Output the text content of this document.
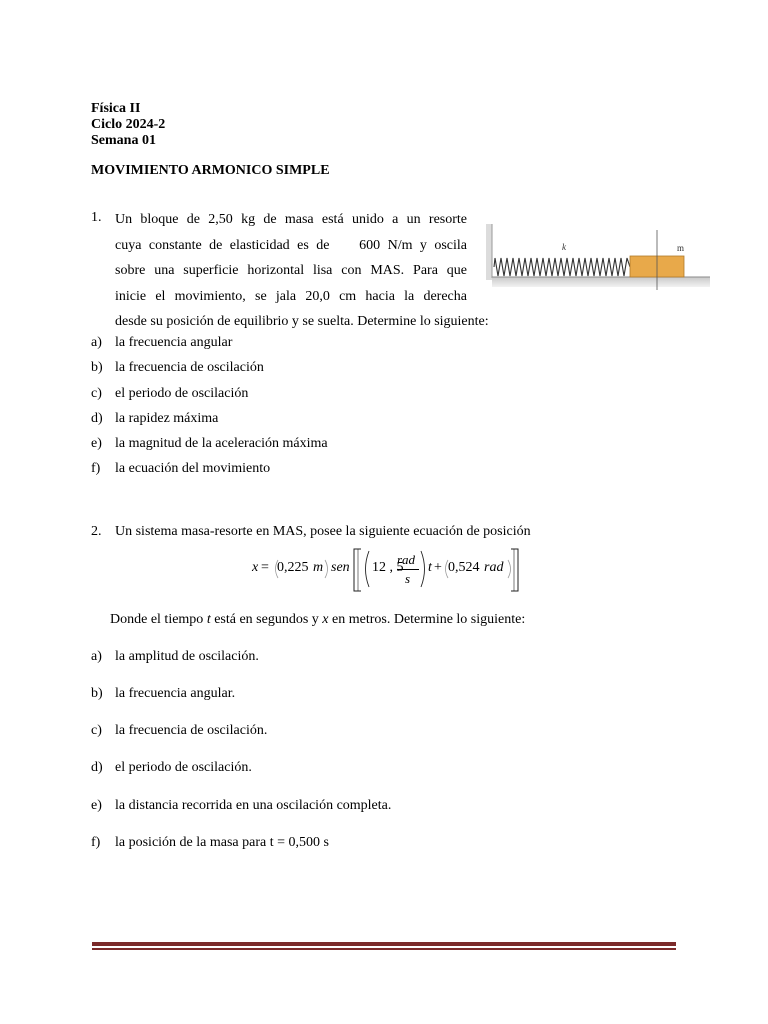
Física II
Ciclo 2024-2
Semana 01
MOVIMIENTO ARMONICO SIMPLE
1. Un bloque de 2,50 kg de masa está unido a un resorte
cuya constante de elasticidad es de    600 N/m y oscila
sobre una superficie horizontal lisa con MAS. Para que
inicie el movimiento, se jala 20,0 cm hacia la derecha
desde su posición de equilibrio y se suelta. Determine lo siguiente:
k	m
a) la frecuencia angular
b) la frecuencia de oscilación
c) el periodo de oscilación
d) la rapidez máxima
e) la magnitud de la aceleración máxima
f) la ecuación del movimiento
2. Un sistema masa-resorte en MAS, posee la siguiente ecuación de posición
x = 0,225 m sen 12 , 5
rad
s
t + 0,524 rad
Donde el tiempo t está en segundos y x en metros. Determine lo siguiente:
a) la amplitud de oscilación.
b) la frecuencia angular.
c) la frecuencia de oscilación.
d) el periodo de oscilación.
e) la distancia recorrida en una oscilación completa.
f) la posición de la masa para t = 0,500 s
